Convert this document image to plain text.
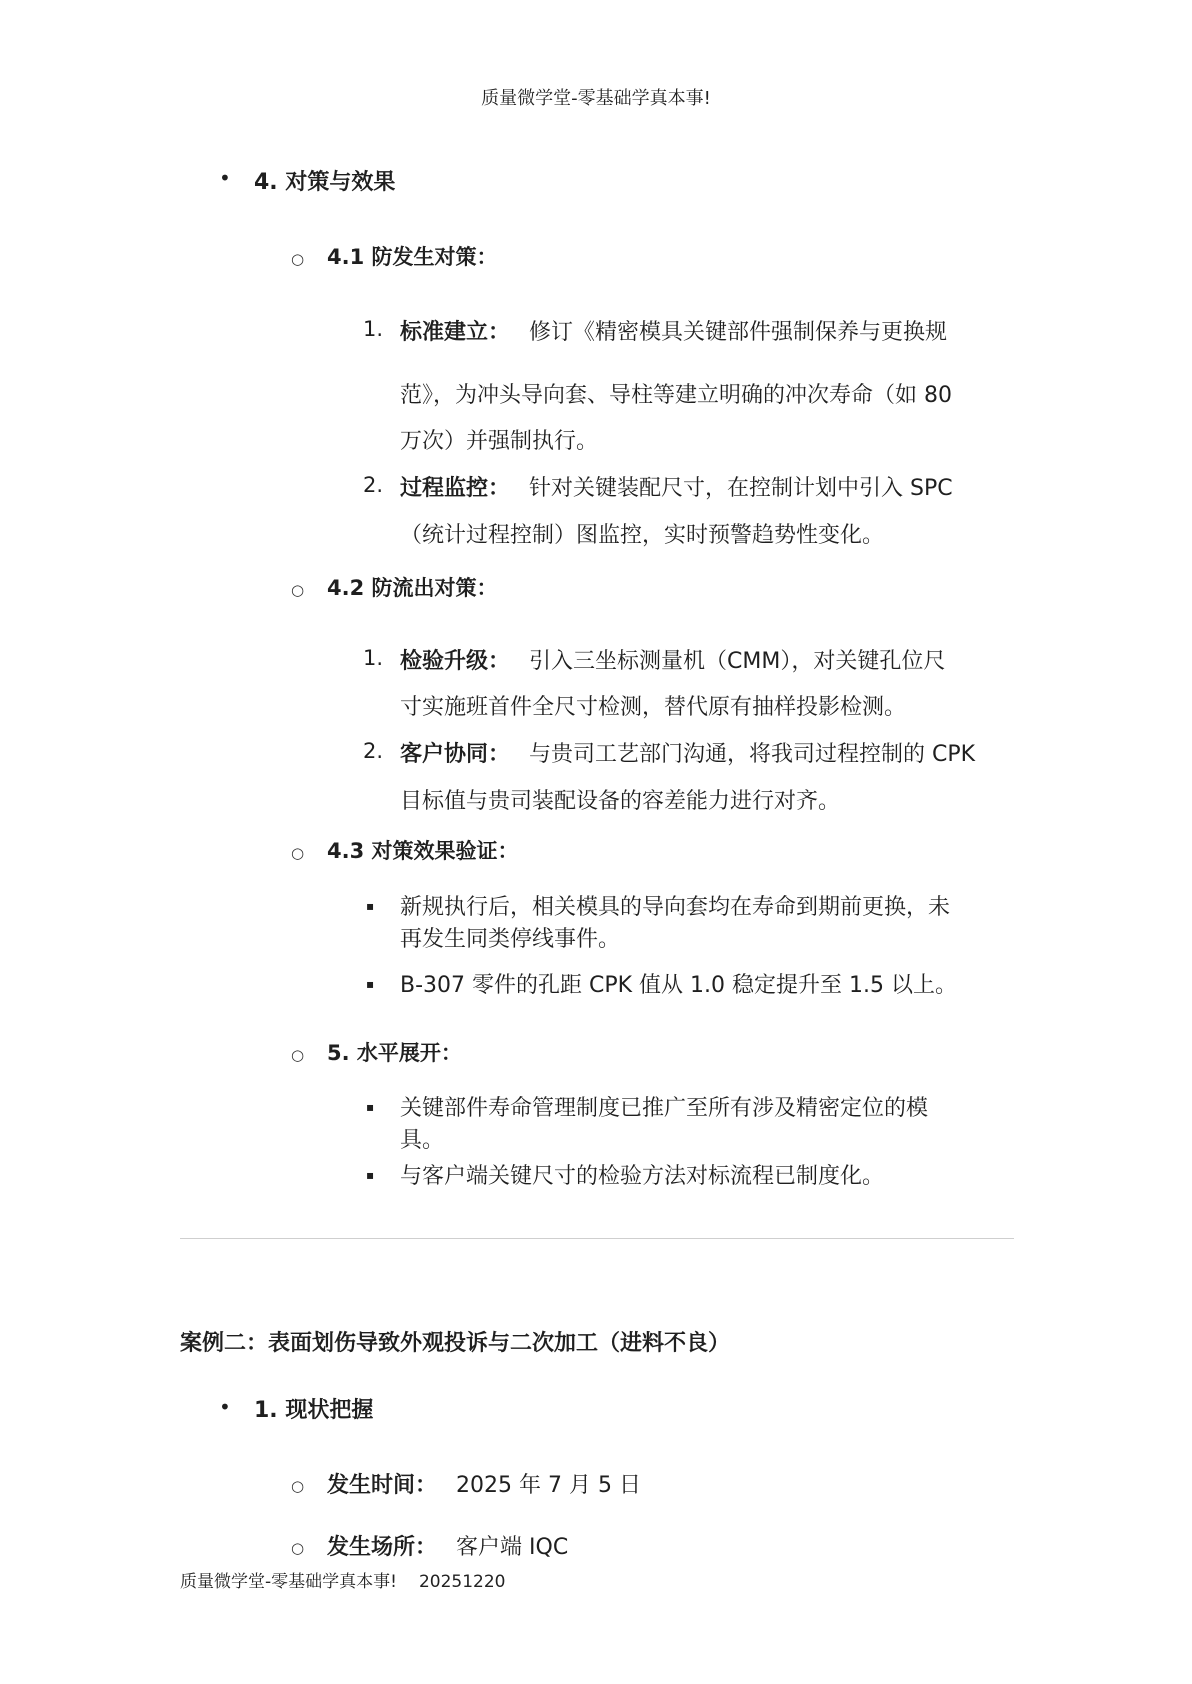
质量微学堂-零基础学真本事!
• 4. 对策与效果
○ 4.1 防发生对策：
1. 标准建立： 修订《精密模具关键部件强制保养与更换规
范》，为冲头导向套、导柱等建立明确的冲次寿命（如 80
万次）并强制执行。
2. 过程监控： 针对关键装配尺寸，在控制计划中引入 SPC
（统计过程控制）图监控，实时预警趋势性变化。
○ 4.2 防流出对策：
1. 检验升级： 引入三坐标测量机（CMM），对关键孔位尺
寸实施班首件全尺寸检测，替代原有抽样投影检测。
2. 客户协同： 与贵司工艺部门沟通，将我司过程控制的 CPK
目标值与贵司装配设备的容差能力进行对齐。
○ 4.3 对策效果验证：
▪ 新规执行后，相关模具的导向套均在寿命到期前更换，未
再发生同类停线事件。
▪ B-307 零件的孔距 CPK 值从 1.0 稳定提升至 1.5 以上。
○ 5. 水平展开：
▪ 关键部件寿命管理制度已推广至所有涉及精密定位的模
具。
▪ 与客户端关键尺寸的检验方法对标流程已制度化。
案例二：表面划伤导致外观投诉与二次加工（进料不良）
• 1. 现状把握
○ 发生时间： 2025 年 7 月 5 日
○ 发生场所： 客户端 IQC
质量微学堂-零基础学真本事! 20251220
